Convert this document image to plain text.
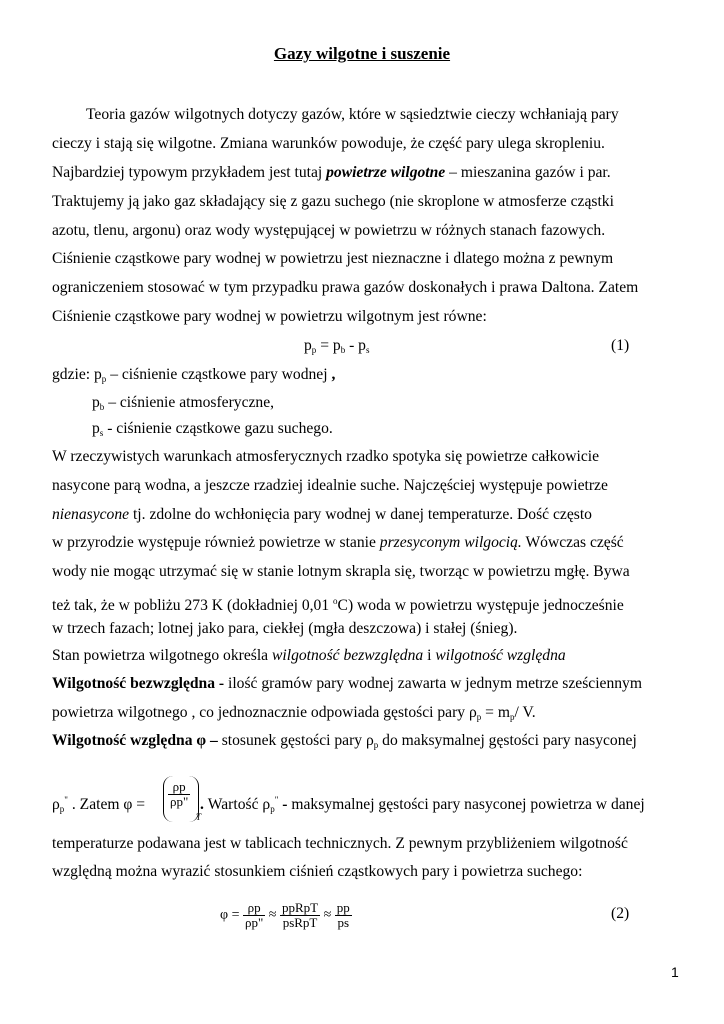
Gazy wilgotne i suszenie
Teoria gazów wilgotnych dotyczy gazów, które w sąsiedztwie cieczy wchłaniają pary
cieczy i stają się wilgotne. Zmiana warunków powoduje, że część pary ulega skropleniu.
Najbardziej typowym przykładem jest tutaj powietrze wilgotne – mieszanina gazów i par.
Traktujemy ją jako gaz składający się z gazu suchego (nie skroplone w atmosferze cząstki
azotu, tlenu, argonu) oraz wody występującej w powietrzu w różnych stanach fazowych.
Ciśnienie cząstkowe pary wodnej w powietrzu jest nieznaczne i dlatego można z pewnym
ograniczeniem stosować w tym przypadku prawa gazów doskonałych i prawa Daltona. Zatem
Ciśnienie cząstkowe pary wodnej w powietrzu wilgotnym jest równe:
$p_p = p_b - p_s$	(1)
gdzie: $p_p$ – ciśnienie cząstkowe pary wodnej ,
$p_b$ – ciśnienie atmosferyczne,
$p_s$ - ciśnienie cząstkowe gazu suchego.
W rzeczywistych warunkach atmosferycznych rzadko spotyka się powietrze całkowicie
nasycone parą wodna, a jeszcze rzadziej idealnie suche. Najczęściej występuje powietrze
nienasycone tj. zdolne do wchłonięcia pary wodnej w danej temperaturze. Dość często
w przyrodzie występuje również powietrze w stanie przesyconym wilgocią. Wówczas część
wody nie mogąc utrzymać się w stanie lotnym skrapla się, tworząc w powietrzu mgłę. Bywa
też tak, że w pobliżu 273 K (dokładniej 0,01 $^o$C) woda w powietrzu występuje jednocześnie
w trzech fazach; lotnej jako para, ciekłej (mgła deszczowa) i stałej (śnieg).
Stan powietrza wilgotnego określa wilgotność bezwzględna i wilgotność względna
Wilgotność bezwzględna - ilość gramów pary wodnej zawarta w jednym metrze sześciennym
powietrza wilgotnego , co jednoznacznie odpowiada gęstości pary $\rho_p = m_p/$ V.
Wilgotność względna φ – stosunek gęstości pary $\rho_p$ do maksymalnej gęstości pary nasyconej
$\rho_p^"$ . Zatem $\varphi = \frac{\rho p}{\rho p"}$
T
. Wartość $\rho_p^"$ - maksymalnej gęstości pary nasyconej powietrza w danej
temperaturze podawana jest w tablicach technicznych. Z pewnym przybliżeniem wilgotność
względną można wyrazić stosunkiem ciśnień cząstkowych pary i powietrza suchego:
$\varphi = \frac{\rho p}{\rho p"} \approx \frac{\text{ppRpT}}{\text{psRpT}} \approx \frac{pp}{ps}$	(2)
1
